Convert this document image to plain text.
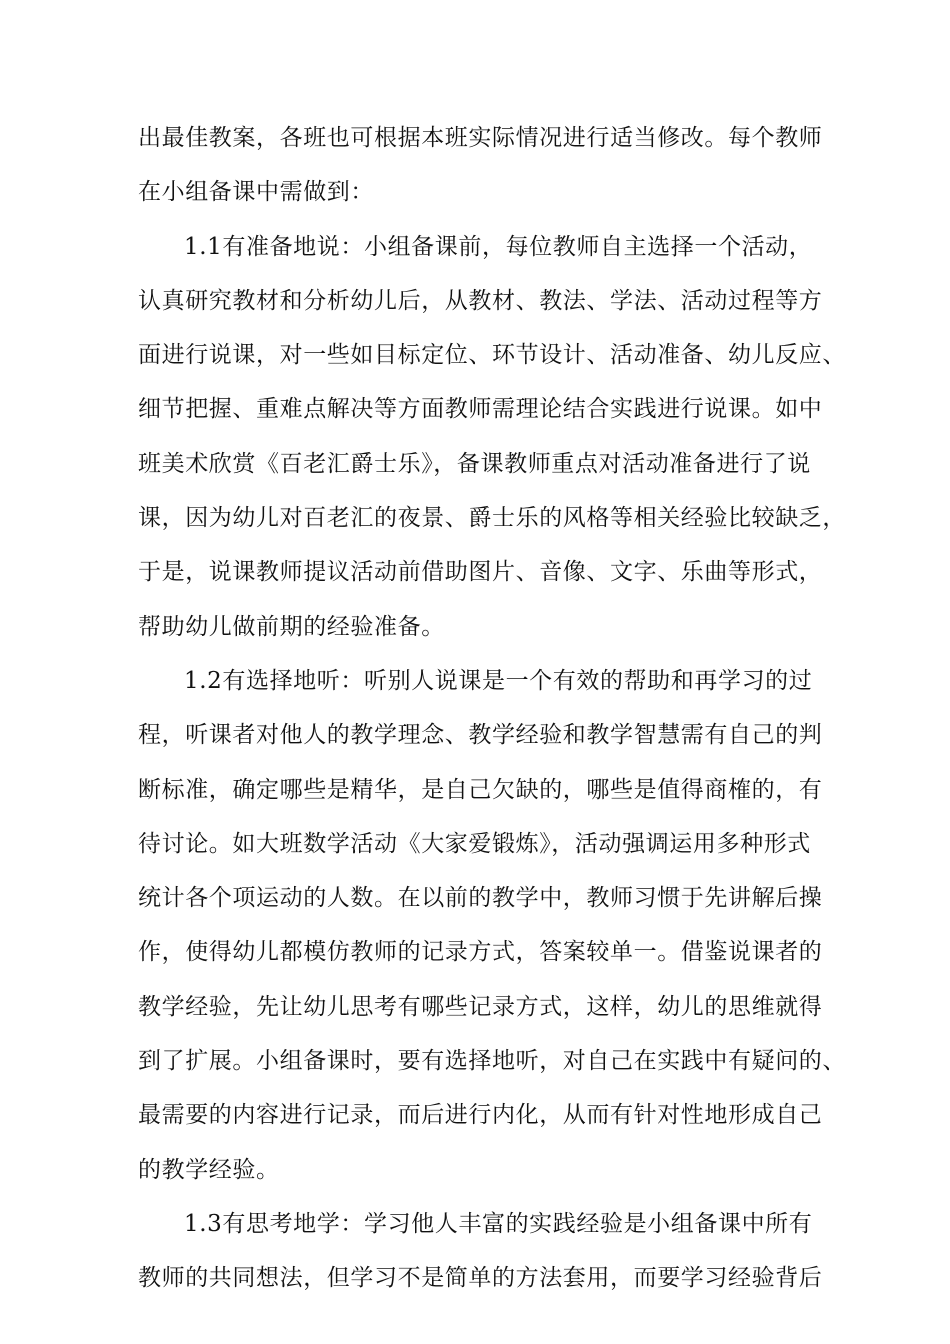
出最佳教案，各班也可根据本班实际情况进行适当修改。每个教师
在小组备课中需做到：
1.1有准备地说：小组备课前，每位教师自主选择一个活动，
认真研究教材和分析幼儿后，从教材、教法、学法、活动过程等方
面进行说课，对一些如目标定位、环节设计、活动准备、幼儿反应、
细节把握、重难点解决等方面教师需理论结合实践进行说课。如中
班美术欣赏《百老汇爵士乐》，备课教师重点对活动准备进行了说
课，因为幼儿对百老汇的夜景、爵士乐的风格等相关经验比较缺乏，
于是，说课教师提议活动前借助图片、音像、文字、乐曲等形式，
帮助幼儿做前期的经验准备。
1.2有选择地听：听别人说课是一个有效的帮助和再学习的过
程，听课者对他人的教学理念、教学经验和教学智慧需有自己的判
断标准，确定哪些是精华，是自己欠缺的，哪些是值得商榷的，有
待讨论。如大班数学活动《大家爱锻炼》，活动强调运用多种形式
统计各个项运动的人数。在以前的教学中，教师习惯于先讲解后操
作，使得幼儿都模仿教师的记录方式，答案较单一。借鉴说课者的
教学经验，先让幼儿思考有哪些记录方式，这样，幼儿的思维就得
到了扩展。小组备课时，要有选择地听，对自己在实践中有疑问的、
最需要的内容进行记录，而后进行内化，从而有针对性地形成自己
的教学经验。
1.3有思考地学：学习他人丰富的实践经验是小组备课中所有
教师的共同想法，但学习不是简单的方法套用，而要学习经验背后
